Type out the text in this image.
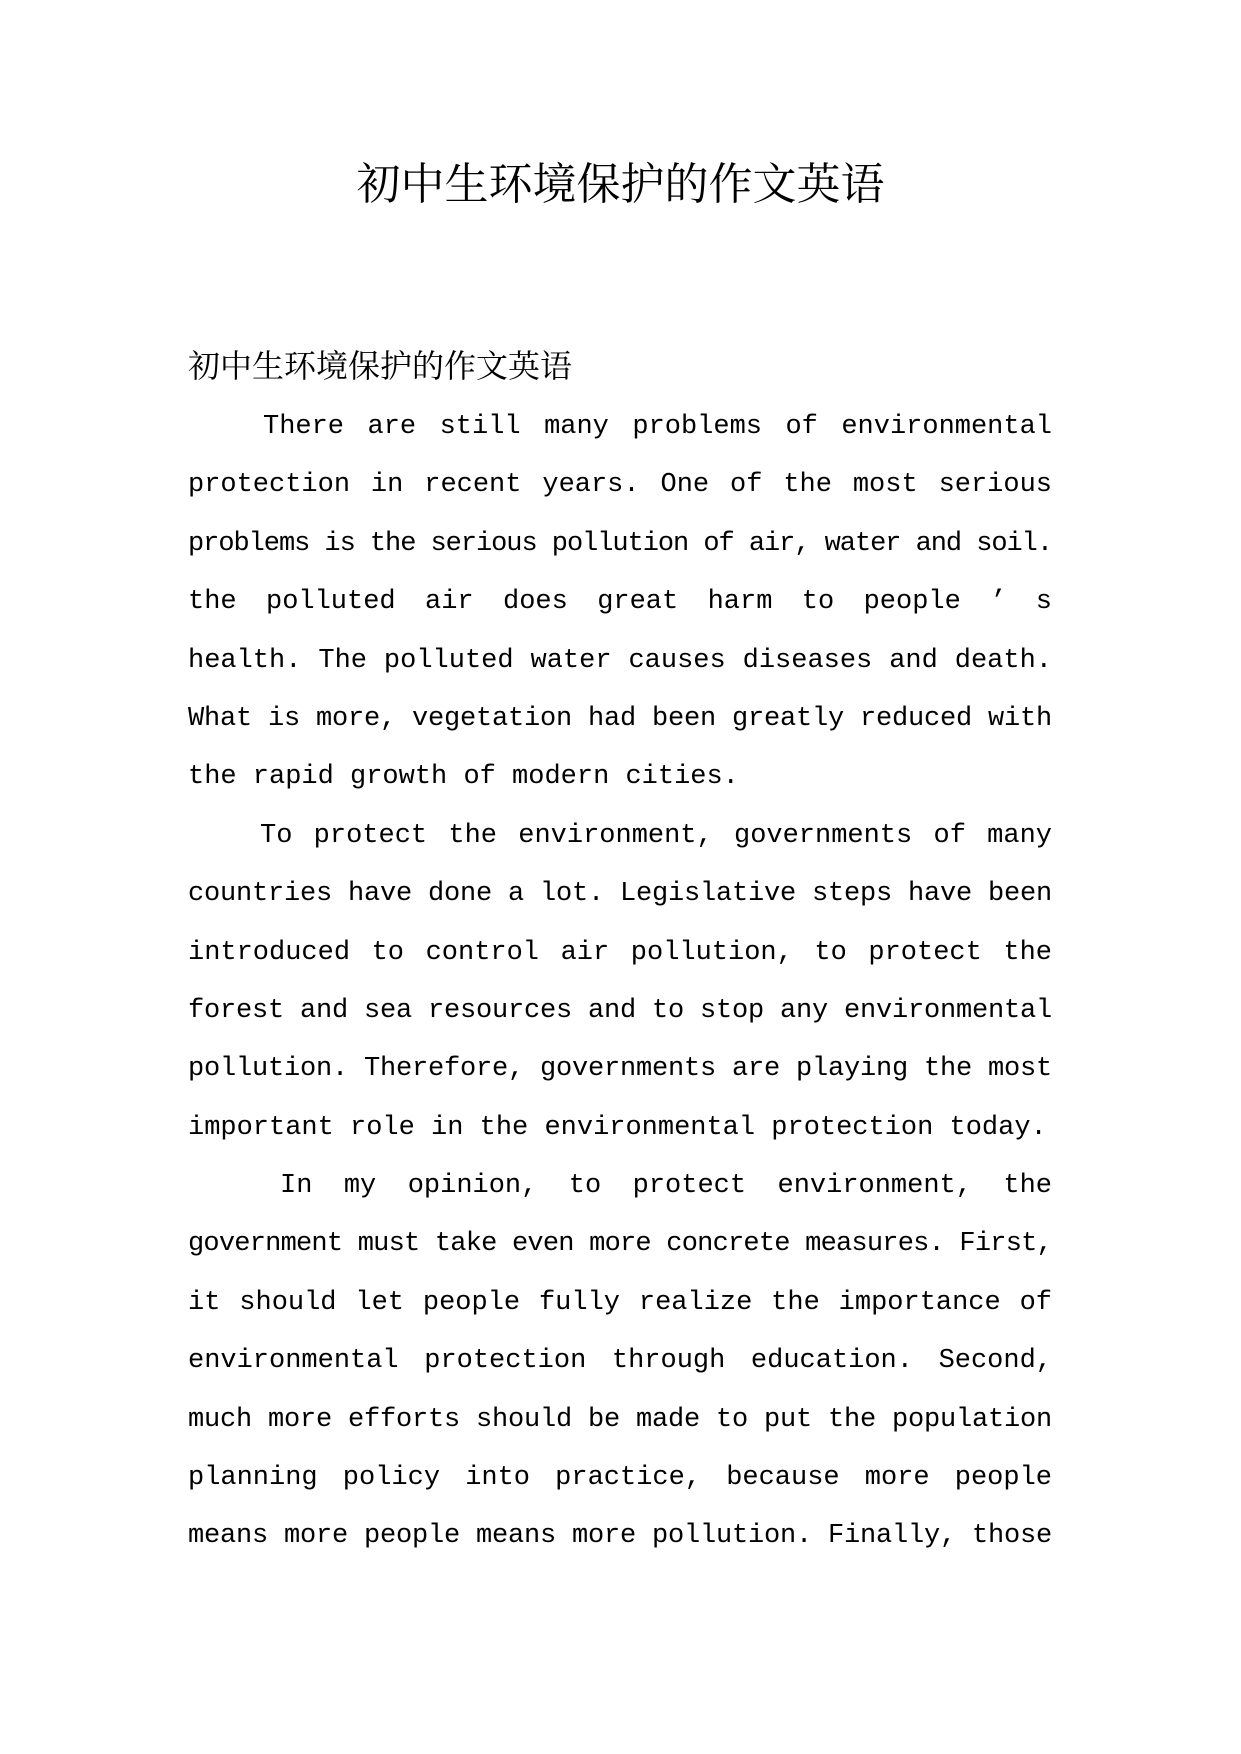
初中生环境保护的作文英语
初中生环境保护的作文英语
There are still many problems of environmental
protection in recent years. One of the most serious
problems is the serious pollution of air, water and soil.
the polluted air does great harm to people ’ s
health. The polluted water causes diseases and death.
What is more, vegetation had been greatly reduced with
the rapid growth of modern cities.
To protect the environment, governments of many
countries have done a lot. Legislative steps have been
introduced to control air pollution, to protect the
forest and sea resources and to stop any environmental
pollution. Therefore, governments are playing the most
important role in the environmental protection today.
In my opinion, to protect environment, the
government must take even more concrete measures. First,
it should let people fully realize the importance of
environmental protection through education. Second,
much more efforts should be made to put the population
planning policy into practice, because more people
means more people means more pollution. Finally, those
